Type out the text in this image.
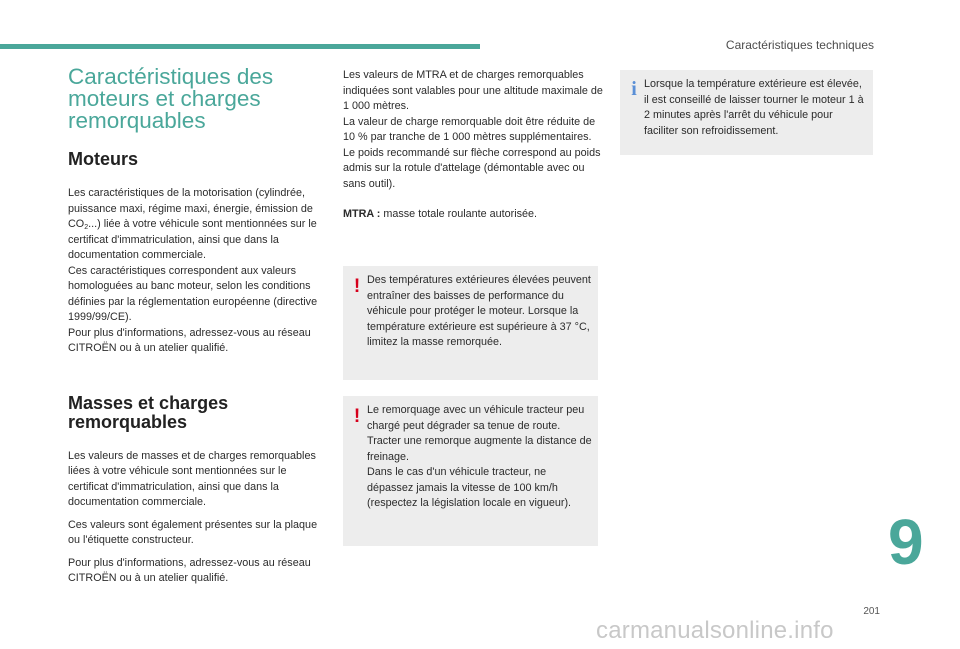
Caractéristiques techniques
Caractéristiques des
moteurs et charges
remorquables
Moteurs

Les caractéristiques de la motorisation (cylindrée, puissance maxi, régime maxi, énergie, émission de $CO_2$...) liée à votre véhicule sont mentionnées sur le certificat d'immatriculation, ainsi que dans la documentation commerciale.

Ces caractéristiques correspondent aux valeurs homologuées au banc moteur, selon les conditions définies par la réglementation européenne (directive 1999/99/CE).

Pour plus d'informations, adressez-vous au réseau CITROËN ou à un atelier qualifié.

Masses et charges
remorquables

Les valeurs de masses et de charges remorquables liées à votre véhicule sont mentionnées sur le certificat d'immatriculation, ainsi que dans la documentation commerciale.

Ces valeurs sont également présentes sur la plaque ou l'étiquette constructeur.

Pour plus d'informations, adressez-vous au réseau CITROËN ou à un atelier qualifié.

Les valeurs de MTRA et de charges remorquables indiquées sont valables pour une altitude maximale de 1 000 mètres.

La valeur de charge remorquable doit être réduite de 10 % par tranche de 1 000 mètres supplémentaires.

Le poids recommandé sur flèche correspond au poids admis sur la rotule d'attelage (démontable avec ou sans outil).

MTRA : masse totale roulante autorisée.

! Des températures extérieures élevées peuvent entraîner des baisses de performance du véhicule pour protéger le moteur. Lorsque la température extérieure est supérieure à 37 °C, limitez la masse remorquée.
! Le remorquage avec un véhicule tracteur peu chargé peut dégrader sa tenue de route.
Tracter une remorque augmente la distance de freinage.
Dans le cas d'un véhicule tracteur, ne dépassez jamais la vitesse de 100 km/h (respectez la législation locale en vigueur).
i Lorsque la température extérieure est élevée, il est conseillé de laisser tourner le moteur 1 à 2 minutes après l'arrêt du véhicule pour faciliter son refroidissement.
9
201
carmanualsonline.info
